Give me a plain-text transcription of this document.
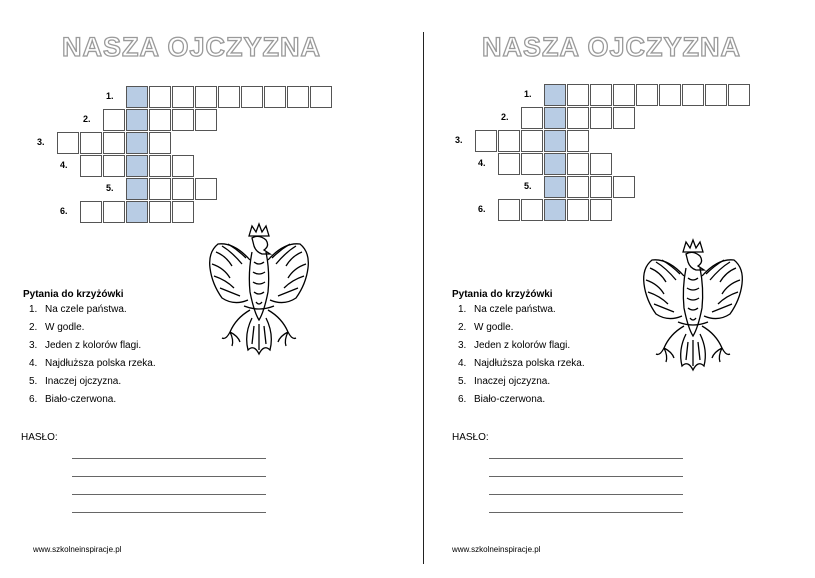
NASZA OJCZYZNA
1.
2.
3.
4.
5.
6.
Pytania do krzyżówki
1. Na czele państwa.
2. W godle.
3. Jeden z kolorów flagi.
4. Najdłuższa polska rzeka.
5. Inaczej ojczyzna.
6. Biało-czerwona.
HASŁO:
www.szkolneinspiracje.pl
NASZA OJCZYZNA
1.
2.
3.
4.
5.
6.
Pytania do krzyżówki
1. Na czele państwa.
2. W godle.
3. Jeden z kolorów flagi.
4. Najdłuższa polska rzeka.
5. Inaczej ojczyzna.
6. Biało-czerwona.
HASŁO:
www.szkolneinspiracje.pl
